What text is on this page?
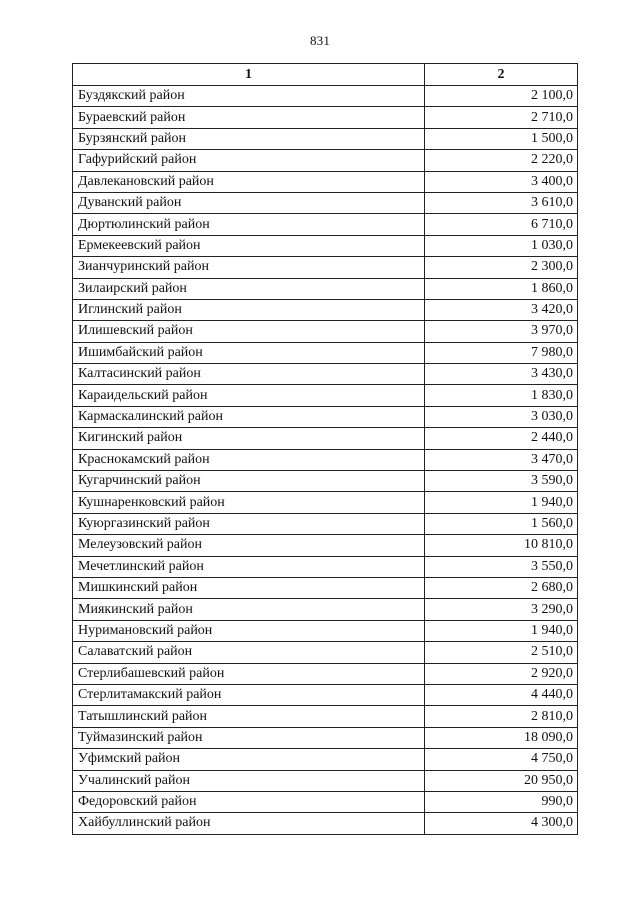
831
1	2
Буздякский район	2 100,0
Бураевский район	2 710,0
Бурзянский район	1 500,0
Гафурийский район	2 220,0
Давлекановский район	3 400,0
Дуванский район	3 610,0
Дюртюлинский район	6 710,0
Ермекеевский район	1 030,0
Зианчуринский район	2 300,0
Зилаирский район	1 860,0
Иглинский район	3 420,0
Илишевский район	3 970,0
Ишимбайский район	7 980,0
Калтасинский район	3 430,0
Караидельский район	1 830,0
Кармаскалинский район	3 030,0
Кигинский район	2 440,0
Краснокамский район	3 470,0
Кугарчинский район	3 590,0
Кушнаренковский район	1 940,0
Куюргазинский район	1 560,0
Мелеузовский район	10 810,0
Мечетлинский район	3 550,0
Мишкинский район	2 680,0
Миякинский район	3 290,0
Нуримановский район	1 940,0
Салаватский район	2 510,0
Стерлибашевский район	2 920,0
Стерлитамакский район	4 440,0
Татышлинский район	2 810,0
Туймазинский район	18 090,0
Уфимский район	4 750,0
Учалинский район	20 950,0
Федоровский район	990,0
Хайбуллинский район	4 300,0
